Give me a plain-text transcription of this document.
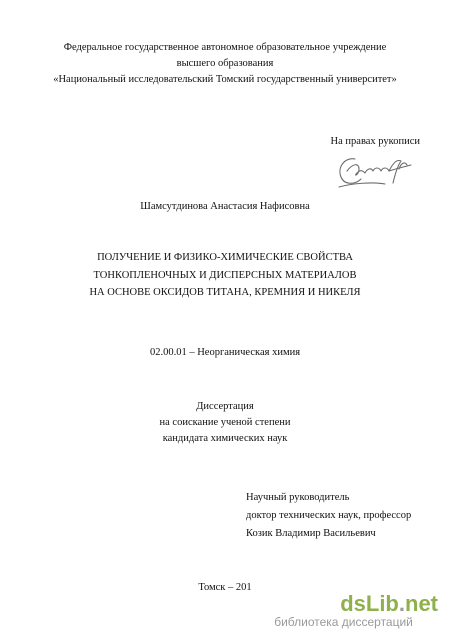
Федеральное государственное автономное образовательное учреждение
высшего образования
«Национальный исследовательский Томский государственный университет»
На правах рукописи
Шамсутдинова Анастасия Нафисовна
ПОЛУЧЕНИЕ И ФИЗИКО-ХИМИЧЕСКИЕ СВОЙСТВА
ТОНКОПЛЕНОЧНЫХ И ДИСПЕРСНЫХ МАТЕРИАЛОВ
НА ОСНОВЕ ОКСИДОВ ТИТАНА, КРЕМНИЯ И НИКЕЛЯ
02.00.01 – Неорганическая химия
Диссертация
на соискание ученой степени
кандидата химических наук
Научный руководитель
доктор технических наук, профессор
Козик Владимир Васильевич
Томск – 201
dsLib.net
библиотека диссертаций
